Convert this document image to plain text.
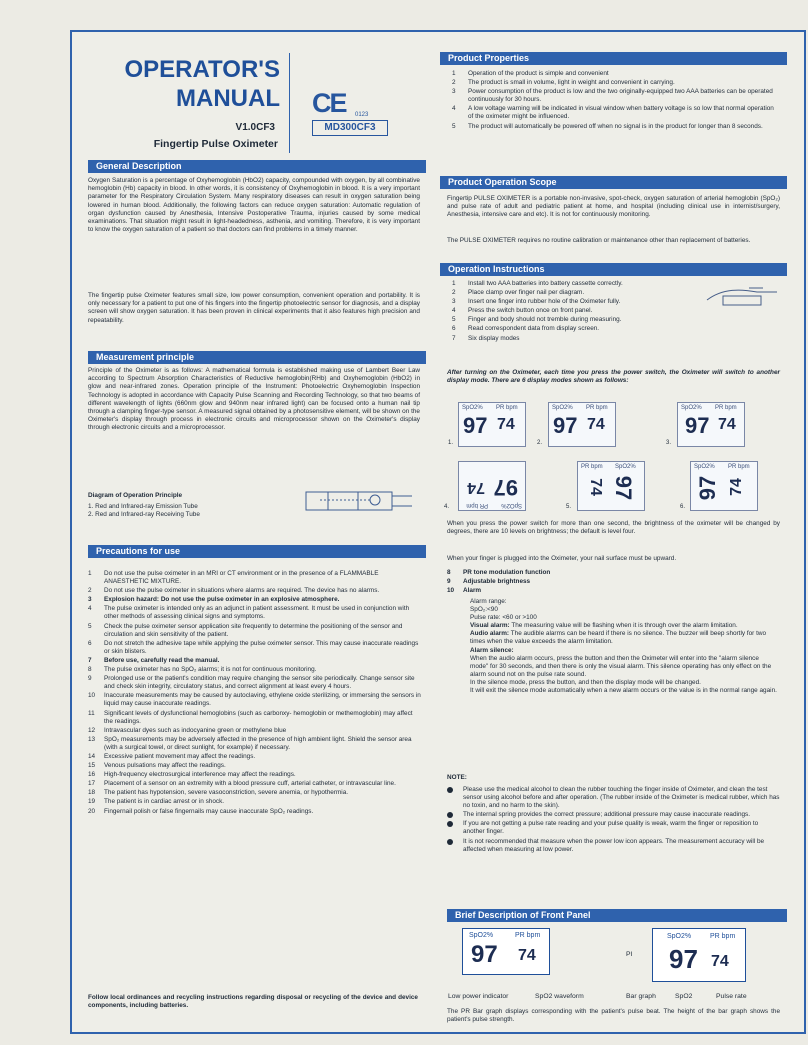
OPERATOR'S
MANUAL
V1.0CF3
Fingertip Pulse Oximeter
CE	0123
MD300CF3
General Description
Oxygen Saturation is a percentage of Oxyhemoglobin (HbO2) capacity, compounded with oxygen, by all combinative hemoglobin (Hb) capacity in blood. In other words, it is consistency of Oxyhemoglobin in blood. It is a very important parameter for the Respiratory Circulation System. Many respiratory diseases can result in oxygen saturation being lowered in human blood. Additionally, the following factors can reduce oxygen saturation: Automatic regulation of organ dysfunction caused by Anesthesia, Intensive Postoperative Trauma, injuries caused by some medical examinations. That situation might result in light-headedness, asthenia, and vomiting. Therefore, it is very important to know the oxygen saturation of a patient so that doctors can find problems in a timely manner.
The fingertip pulse Oximeter features small size, low power consumption, convenient operation and portability. It is only necessary for a patient to put one of his fingers into the fingertip photoelectric sensor for diagnosis, and a display screen will show oxygen saturation. It has been proven in clinical experiments that it also features high precision and repeatability.
Measurement principle
Principle of the Oximeter is as follows: A mathematical formula is established making use of Lambert Beer Law according to Spectrum Absorption Characteristics of Reductive hemoglobin(RHb) and Oxyhemoglobin (HbO2) in glow and near-infrared zones. Operation principle of the Instrument: Photoelectric Oxyhemoglobin Inspection Technology is adopted in accordance with Capacity Pulse Scanning and Recording Technology, so that two beams of different wavelength of lights (660nm glow and 940nm near infrared light) can be focused onto a human nail tip through a clamping finger-type sensor. A measured signal obtained by a photosensitive element, will be shown on the Oximeter's display through process in electronic circuits and microprocessor shown on the Oximeter's display through electronic circuits and a microprocessor.
Diagram of Operation Principle
1. Red and Infrared-ray Emission Tube
2. Red and Infrared-ray Receiving Tube
Precautions for use
1	Do not use the pulse oximeter in an MRI or CT environment or in the presence of a FLAMMABLE ANAESTHETIC MIXTURE.
2	Do not use the pulse oximeter in situations where alarms are required. The device has no alarms.
3	Explosion hazard: Do not use the pulse oximeter in an explosive atmosphere.
4	The pulse oximeter is intended only as an adjunct in patient assessment. It must be used in conjunction with other methods of assessing clinical signs and symptoms.
5	Check the pulse oximeter sensor application site frequently to determine the positioning of the sensor and circulation and skin sensitivity of the patient.
6	Do not stretch the adhesive tape while applying the pulse oximeter sensor. This may cause inaccurate readings or skin blisters.
7	Before use, carefully read the manual.
8	The pulse oximeter has no SpO₂ alarms; it is not for continuous monitoring.
9	Prolonged use or the patient's condition may require changing the sensor site periodically. Change sensor site and check skin integrity, circulatory status, and correct alignment at least every 4 hours.
10	Inaccurate measurements may be caused by autoclaving, ethylene oxide sterilizing, or immersing the sensors in liquid may cause inaccurate readings.
11	Significant levels of dysfunctional hemoglobins (such as carbonxy- hemoglobin or methemoglobin) may affect the readings.
12	Intravascular dyes such as indocyanine green or methylene blue
13	SpO₂ measurements may be adversely affected in the presence of high ambient light. Shield the sensor area (with a surgical towel, or direct sunlight, for example) if necessary.
14	Excessive patient movement may affect the readings.
15	Venous pulsations may affect the readings.
16	High-frequency electrosurgical interference may affect the readings.
17	Placement of a sensor on an extremity with a blood pressure cuff, arterial catheter, or intravascular line.
18	The patient has hypotension, severe vasoconstriction, severe anemia, or hypothermia.
19	The patient is in cardiac arrest or in shock.
20	Fingernail polish or false fingernails may cause inaccurate SpO₂ readings.
Follow local ordinances and recycling instructions regarding disposal or recycling of the device and device components, including batteries.
Product Properties
1	Operation of the product is simple and convenient
2	The product is small in volume, light in weight and convenient in carrying.
3	Power consumption of the product is low and the two originally-equipped two AAA batteries can be operated continuously for 30 hours.
4	A low voltage warning will be indicated in visual window when battery voltage is so low that normal operation of the oximeter might be influenced.
5	The product will automatically be powered off when no signal is in the product for longer than 8 seconds.
Product Operation Scope
Fingertip PULSE OXIMETER is a portable non-invasive, spot-check, oxygen saturation of arterial hemoglobin (SpO₂) and pulse rate of adult and pediatric patient at home, and hospital (including clinical use in internist/surgery, Anesthesia, intensive care and etc). It is not for continuously monitoring.
The PULSE OXIMETER requires no routine calibration or maintenance other than replacement of batteries.
Operation Instructions
1	Install two AAA batteries into battery cassette correctly.
2	Place clamp over finger nail per diagram.
3	Insert one finger into rubber hole of the Oximeter fully.
4	Press the switch button once on front panel.
5	Finger and body should not tremble during measuring.
6	Read correspondent data from display screen.
7	Six display modes
After turning on the Oximeter, each time you press the power switch, the Oximeter will switch to another display mode. There are 6 display modes shown as follows:
SpO2% PR bpm
97 74
1.
SpO2% PR bpm
97 74
2.
SpO2% PR bpm
97 74
3.
SpO2%
PR bpm
97
74
4.
PR bpm SpO2%
74 97
5.
SpO2% PR bpm
97 74
6.
When you press the power switch for more than one second, the brightness of the oximeter will be changed by degrees, there are 10 levels on brightness; the default is level four.
When your finger is plugged into the Oximeter, your nail surface must be upward.
8	PR tone modulation function
9	Adjustable brightness
10	Alarm
Alarm range:
SpO₂:<90
Pulse rate: <60 or >100
Visual alarm: The measuring value will be flashing when it is through over the alarm limitation.
Audio alarm: The audible alarms can be heard if there is no silence. The buzzer will beep shortly for two times when the value exceeds the alarm limitation.
Alarm silence:
When the audio alarm occurs, press the button and then the Oximeter will enter into the "alarm silence mode" for 30 seconds, and then there is only the visual alarm. This silence operating has only effect on the alarm sound not on the pulse rate sound.
In the silence mode, press the button, and then the display mode will be changed.
It will exit the silence mode automatically when a new alarm occurs or the value is in the normal range again.
NOTE:
Please use the medical alcohol to clean the rubber touching the finger inside of Oximeter, and clean the test sensor using alcohol before and after operation. (The rubber inside of the Oximeter is medical rubber, which has no toxin, and no harm to the skin).
The internal spring provides the correct pressure; additional pressure may cause inaccurate readings.
If you are not getting a pulse rate reading and your pulse quality is weak, warm the finger or reposition to another finger.
It is not recommended that measure when the power low icon appears. The measurement accuracy will be affected when measuring at low power.
Brief Description of Front Panel
SpO2%	PR bpm
97 74
SpO2%	PR bpm
97 74
Low power indicator	SpO2 waveform
PI
Bar graph	SpO2	Pulse rate
The PR Bar graph displays corresponding with the patient's pulse beat. The height of the bar graph shows the patient's pulse strength.
